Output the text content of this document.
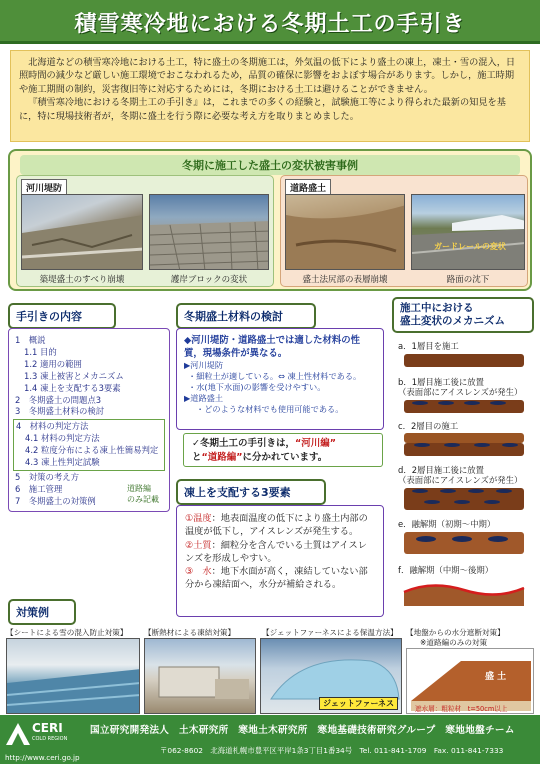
積雪寒冷地における冬期土工の手引き

北海道などの積雪寒冷地における土工，特に盛土の冬期施工は，外気温の低下により盛土の凍上，凍土・雪の混入，日照時間の減少など厳しい施工環境でおこなわれるため，品質の確保に影響をおよぼす場合があります。しかし，施工時期や施工期間の制約，災害復旧等に対応するためには，冬期における土工は避けることができません。

『積雪寒冷地における冬期土工の手引き』は，これまでの多くの経験と，試験施工等により得られた最新の知見を基に，特に現場技術者が，冬期に盛土を行う際に必要な考え方を取りまとめました。

冬期に施工した盛土の変状被害事例
河川堤防
築堤盛土のすべり崩壊	護岸ブロックの変状
道路盛土
ガードレールの変状
盛土法尻部の表層崩壊	路面の沈下
手引きの内容
1　概説
1.1 目的
1.2 適用の範囲
1.3 凍上被害とメカニズム
1.4 凍上を支配する3要素
2　冬期盛土の問題点3
3　冬期盛土材料の検討
4　材料の判定方法
4.1 材料の判定方法
4.2 粒度分布による凍上性簡易判定
4.3 凍上性判定試験
5　対策の考え方
6　施工管理
7　冬期盛土の対策例
道路編
のみ記載
冬期盛土材料の検討
◆河川堤防・道路盛土では適した材料の性質，現場条件が異なる。
▶河川堤防
・細粒土が適している。⇔ 凍上性材料である。
・水(地下水面)の影響を受けやすい。
▶道路盛土
・どのような材料でも使用可能である。
✓冬期土工の手引きは，“河川編”
と“道路編”に分かれています。
凍上を支配する3要素
①温度：地表面温度の低下により盛土内部の温度が低下し，アイスレンズが発生する。
②土質：細粒分を含んでいる土質はアイスレンズを形成しやすい。
③　水：地下水面が高く，凍結していない部分から凍結面へ，水分が補給される。
施工中における
盛土変状のメカニズム
a．1層目を施工
b．1層目施工後に放置
（表面部にアイスレンズが発生）
c．2層目の施工
d．2層目施工後に放置
（表面部にアイスレンズが発生）
e．融解期（初期〜中期）
f．融解期（中期〜後期）
対策例
【シートによる雪の混入防止対策】 【断熱材による凍結対策】	【ジェットファーネスによる保温方法】 【地盤からの水分遮断対策】
※道路編のみの対策
ジェットファーネス
盛 土
遮水層：粗粒材　t=50cm以上
CERI
COLD REGION
国立研究開発法人　土木研究所　寒地土木研究所　寒地基礎技術研究グループ　寒地地盤チーム
〒062-8602　北海道札幌市豊平区平岸1条3丁目1番34号　Tel. 011-841-1709　Fax. 011-841-7333
http://www.ceri.go.jp
